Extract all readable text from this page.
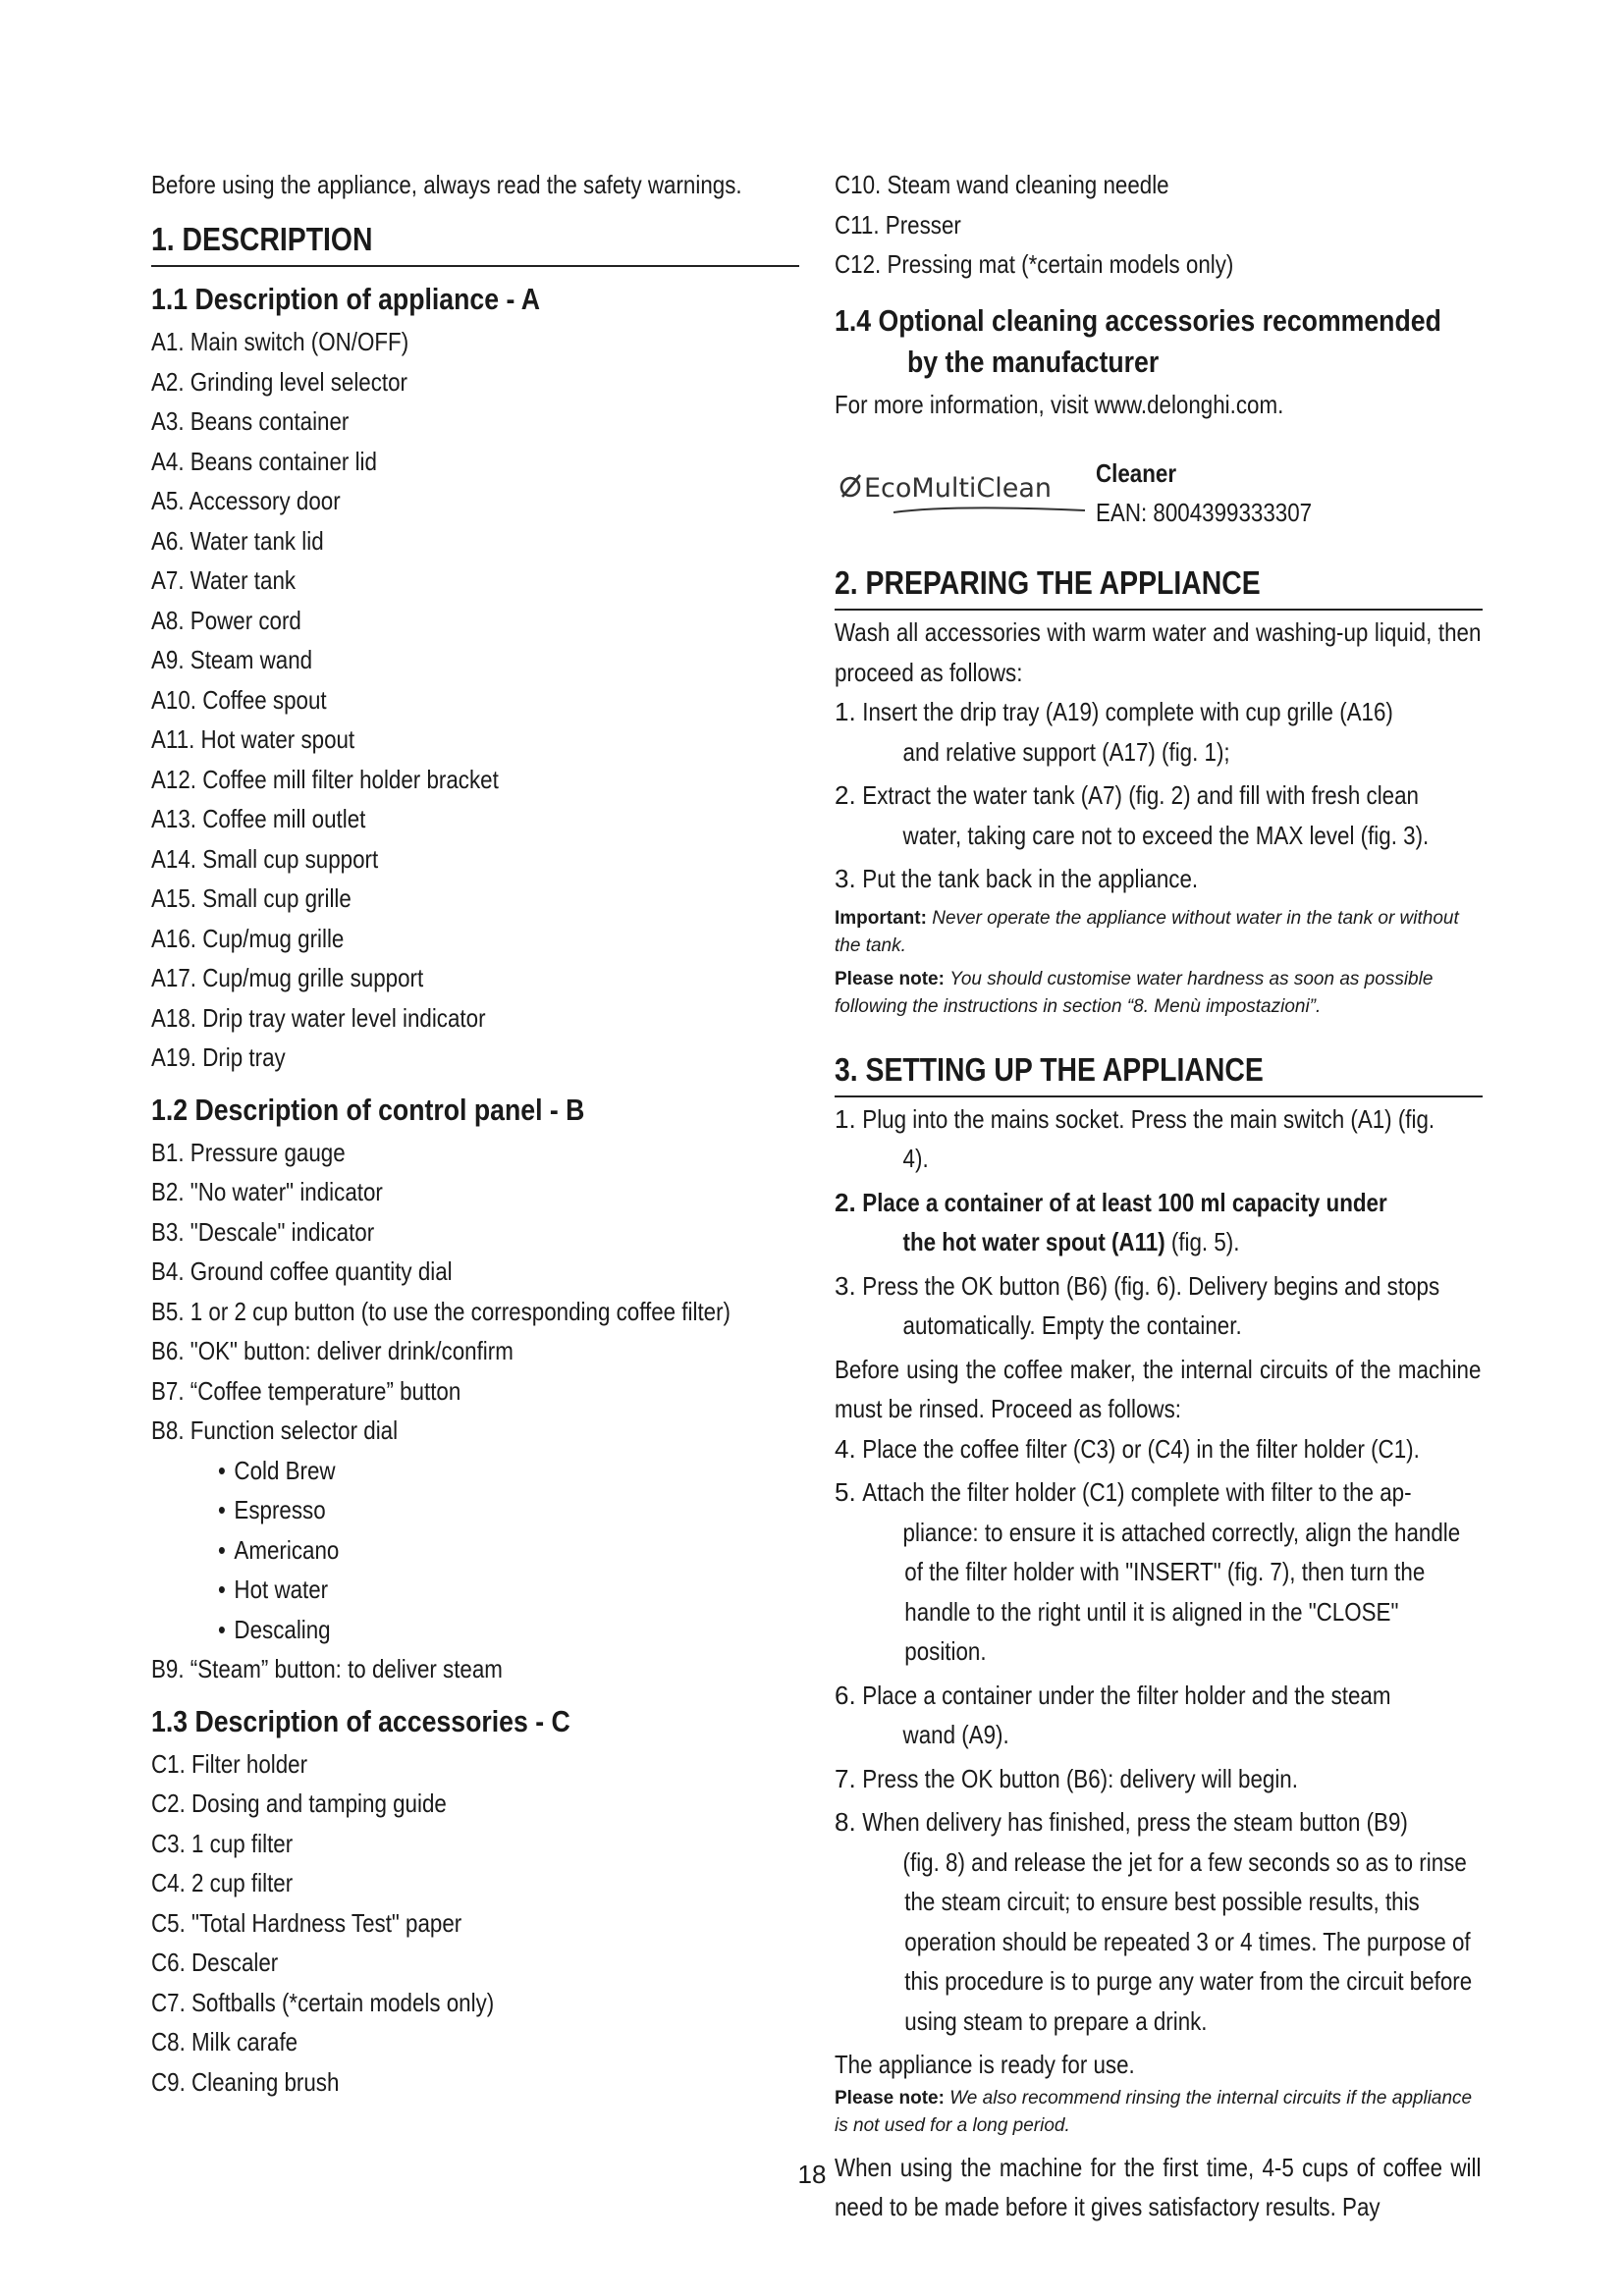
Before using the appliance, always read the safety warnings.

1. DESCRIPTION
1.1 Description of appliance - A

A1. Main switch (ON/OFF)

A2. Grinding level selector

A3. Beans container

A4. Beans container lid

A5. Accessory door

A6. Water tank lid

A7. Water tank

A8. Power cord

A9. Steam wand

A10. Coffee spout

A11. Hot water spout

A12. Coffee mill filter holder bracket

A13. Coffee mill outlet

A14. Small cup support

A15. Small cup grille

A16. Cup/mug grille

A17. Cup/mug grille support

A18. Drip tray water level indicator

A19. Drip tray

1.2 Description of control panel - B

B1. Pressure gauge

B2. "No water" indicator

B3. "Descale" indicator

B4. Ground coffee quantity dial

B5. 1 or 2 cup button (to use the corresponding coffee filter)

B6. "OK" button: deliver drink/confirm

B7. “Coffee temperature” button

B8. Function selector dial

• Cold Brew

• Espresso

• Americano

• Hot water

• Descaling

B9. “Steam” button: to deliver steam

1.3 Description of accessories - C

C1. Filter holder

C2. Dosing and tamping guide

C3. 1 cup filter

C4. 2 cup filter

C5. "Total Hardness Test" paper

C6. Descaler

C7. Softballs (*certain models only)

C8. Milk carafe

C9. Cleaning brush

C10. Steam wand cleaning needle

C11. Presser

C12. Pressing mat (*certain models only)

1.4 Optional cleaning accessories recommended
by the manufacturer

For more information, visit www.delonghi.com.

EcoMultiClean Cleaner
EAN: 8004399333307
2. PREPARING THE APPLIANCE

Wash all accessories with warm water and washing-up liquid, then proceed as follows:

1. Insert the drip tray (A19) complete with cup grille (A16)
and relative support (A17) (fig. 1);
2. Extract the water tank (A7) (fig. 2) and fill with fresh clean
water, taking care not to exceed the MAX level (fig. 3).
3. Put the tank back in the appliance.

Important: Never operate the appliance without water in the tank or without the tank.

Please note: You should customise water hardness as soon as possible following the instructions in section “8. Menù impostazioni”.

3. SETTING UP THE APPLIANCE
1. Plug into the mains socket. Press the main switch (A1) (fig.
4).
2. Place a container of at least 100 ml capacity under
the hot water spout (A11) (fig. 5).
3. Press the OK button (B6) (fig. 6). Delivery begins and stops
automatically. Empty the container.

Before using the coffee maker, the internal circuits of the machine must be rinsed. Proceed as follows:

4. Place the coffee filter (C3) or (C4) in the filter holder (C1).
5. Attach the filter holder (C1) complete with filter to the ap-
pliance: to ensure it is attached correctly, align the handle of the filter holder with "INSERT" (fig. 7), then turn the handle to the right until it is aligned in the "CLOSE" position.
6. Place a container under the filter holder and the steam
wand (A9).
7. Press the OK button (B6): delivery will begin.
8. When delivery has finished, press the steam button (B9)
(fig. 8) and release the jet for a few seconds so as to rinse the steam circuit; to ensure best possible results, this operation should be repeated 3 or 4 times. The purpose of this procedure is to purge any water from the circuit before using steam to prepare a drink.

The appliance is ready for use.

Please note: We also recommend rinsing the internal circuits if the appliance is not used for a long period.

When using the machine for the first time, 4-5 cups of coffee will need to be made before it gives satisfactory results. Pay

18
